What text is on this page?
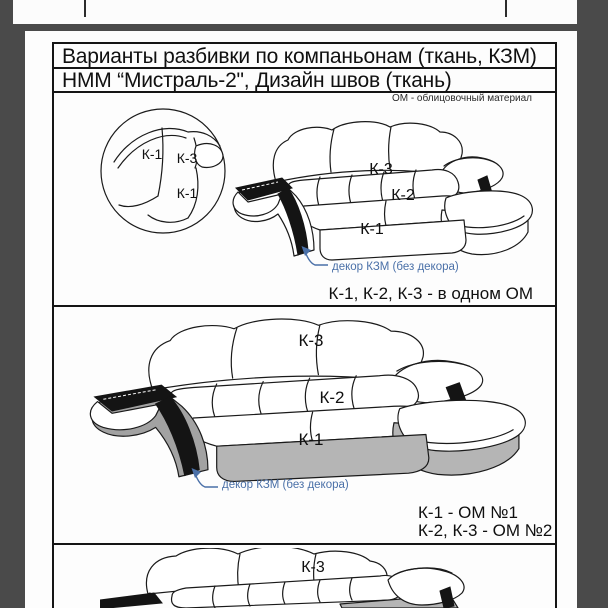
Варианты разбивки по компаньонам (ткань, КЗМ)
НММ “Мистраль-2", Дизайн швов (ткань)
ОМ - облицовочный материал
К-1 К-3
К-1
К-3
К-2
К-1
декор КЗМ (без декора)
К-1, К-2, К-3 - в одном ОМ
К-3
К-2
К-1
декор КЗМ (без декора)
К-1 - ОМ №1
К-2, К-3 - ОМ №2
К-3
